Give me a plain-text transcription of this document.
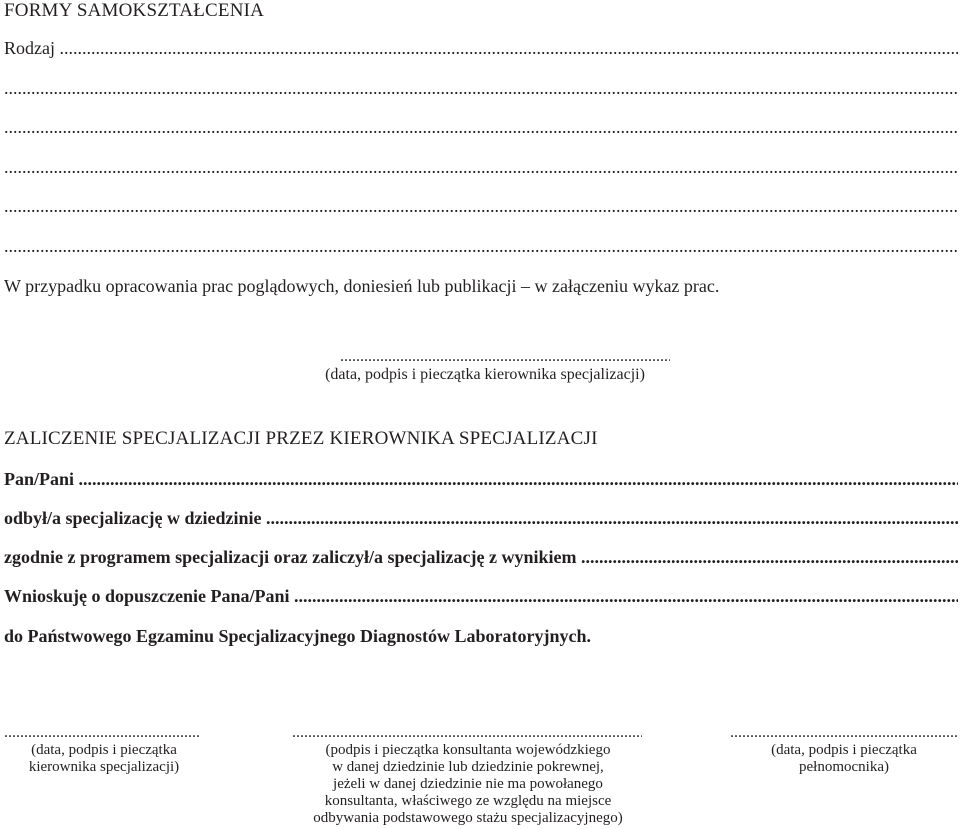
FORMY SAMOKSZTAŁCENIA
Rodzaj
.....
.....
.....
.....
.....
.....
W przypadku opracowania prac poglądowych, doniesień lub publikacji – w załączeniu wykaz prac.
.....
(data, podpis i pieczątka kierownika specjalizacji)
ZALICZENIE SPECJALIZACJI PRZEZ KIEROWNIKA SPECJALIZACJI
Pan/Pani
.....
odbył/a specjalizację w dziedzinie
.....
zgodnie z programem specjalizacji oraz zaliczył/a specjalizację z wynikiem
.....
Wnioskuję o dopuszczenie Pana/Pani
.....
do Państwowego Egzaminu Specjalizacyjnego Diagnostów Laboratoryjnych.
.....
(data, podpis i pieczątka
kierownika specjalizacji)
.....
(podpis i pieczątka konsultanta wojewódzkiego
w danej dziedzinie lub dziedzinie pokrewnej,
jeżeli w danej dziedzinie nie ma powołanego
konsultanta, właściwego ze względu na miejsce
odbywania podstawowego stażu specjalizacyjnego)
.....
(data, podpis i pieczątka
pełnomocnika)
